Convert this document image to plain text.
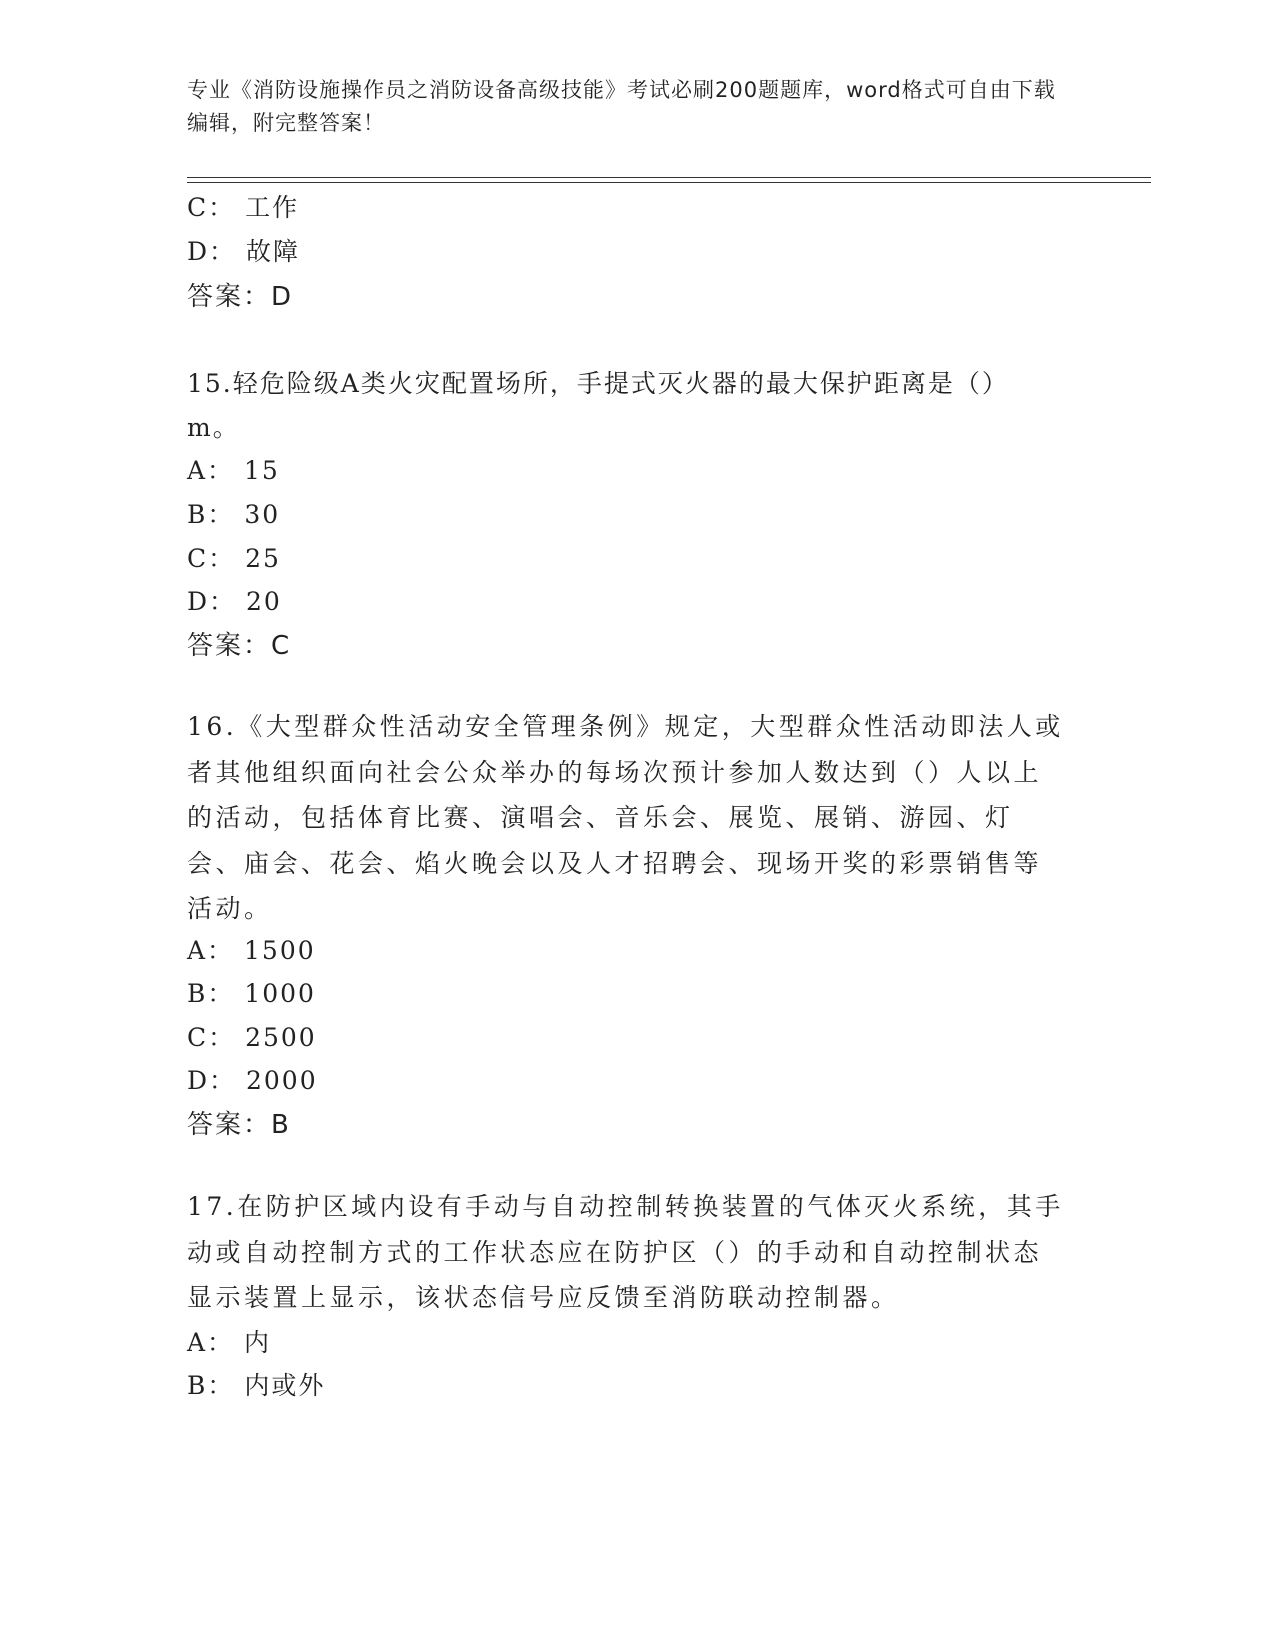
专业《消防设施操作员之消防设备高级技能》考试必刷200题题库，word格式可自由下载编辑，附完整答案！
C： 工作
D： 故障
答案：D
15.轻危险级A类火灾配置场所，手提式灭火器的最大保护距离是（）
m。
A： 15
B： 30
C： 25
D： 20
答案：C
16.《大型群众性活动安全管理条例》规定，大型群众性活动即法人或者其他组织面向社会公众举办的每场次预计参加人数达到（）人以上的活动，包括体育比赛、演唱会、音乐会、展览、展销、游园、灯会、庙会、花会、焰火晚会以及人才招聘会、现场开奖的彩票销售等活动。
A： 1500
B： 1000
C： 2500
D： 2000
答案：B
17.在防护区域内设有手动与自动控制转换装置的气体灭火系统，其手动或自动控制方式的工作状态应在防护区（）的手动和自动控制状态显示装置上显示，该状态信号应反馈至消防联动控制器。
A： 内
B： 内或外
